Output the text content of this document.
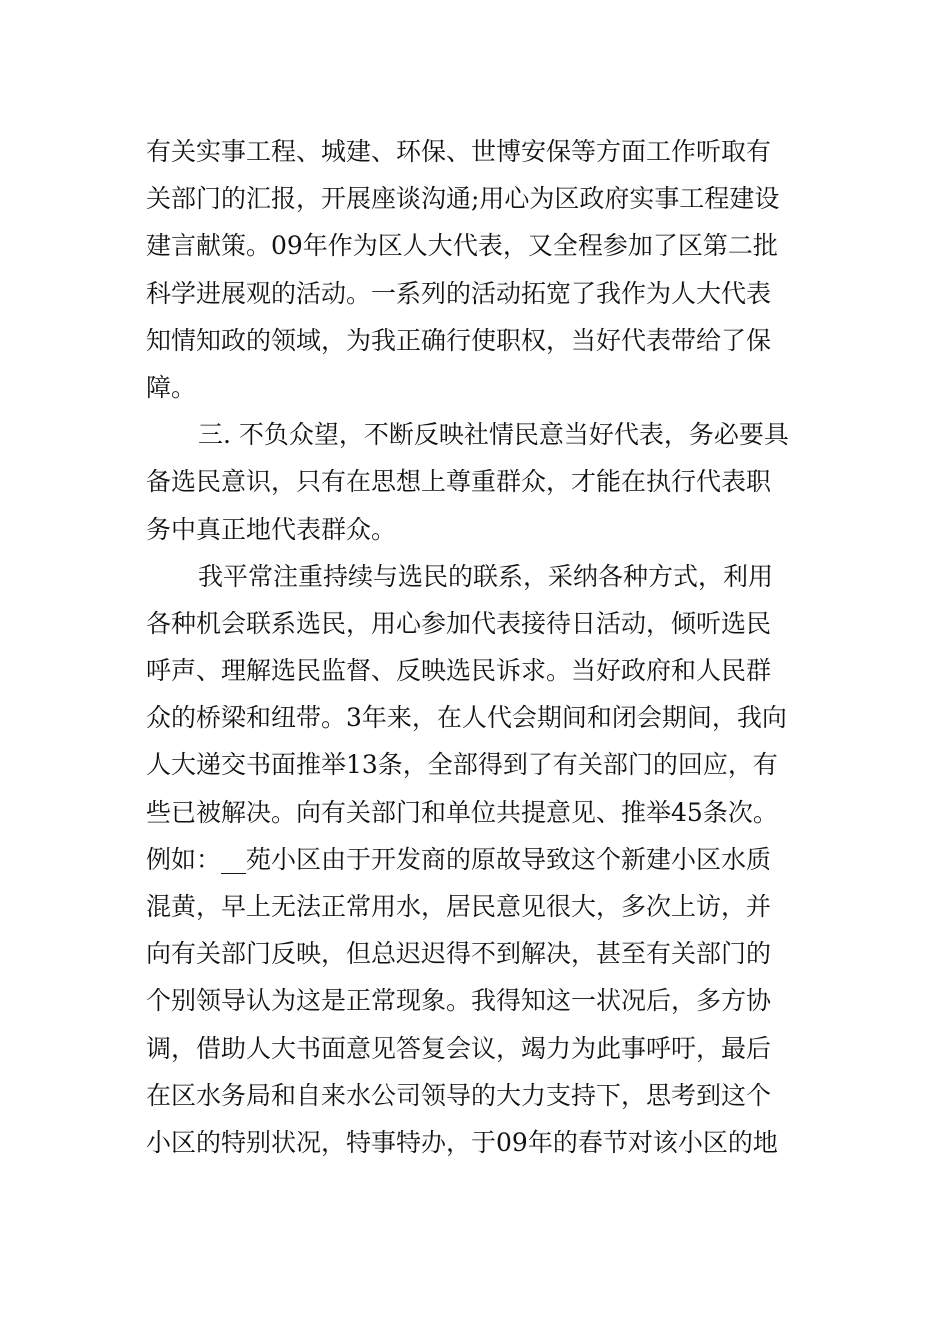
有关实事工程、城建、环保、世博安保等方面工作听取有
关部门的汇报，开展座谈沟通;用心为区政府实事工程建设
建言献策。09年作为区人大代表，又全程参加了区第二批
科学进展观的活动。一系列的活动拓宽了我作为人大代表
知情知政的领域，为我正确行使职权，当好代表带给了保
障。
三. 不负众望，不断反映社情民意当好代表，务必要具
备选民意识，只有在思想上尊重群众，才能在执行代表职
务中真正地代表群众。
我平常注重持续与选民的联系，采纳各种方式，利用
各种机会联系选民，用心参加代表接待日活动，倾听选民
呼声、理解选民监督、反映选民诉求。当好政府和人民群
众的桥梁和纽带。3年来，在人代会期间和闭会期间，我向
人大递交书面推举13条，全部得到了有关部门的回应，有
些已被解决。向有关部门和单位共提意见、推举45条次。
例如：__苑小区由于开发商的原故导致这个新建小区水质
混黄，早上无法正常用水，居民意见很大，多次上访，并
向有关部门反映，但总迟迟得不到解决，甚至有关部门的
个别领导认为这是正常现象。我得知这一状况后，多方协
调，借助人大书面意见答复会议，竭力为此事呼吁，最后
在区水务局和自来水公司领导的大力支持下，思考到这个
小区的特别状况，特事特办，于09年的春节对该小区的地
